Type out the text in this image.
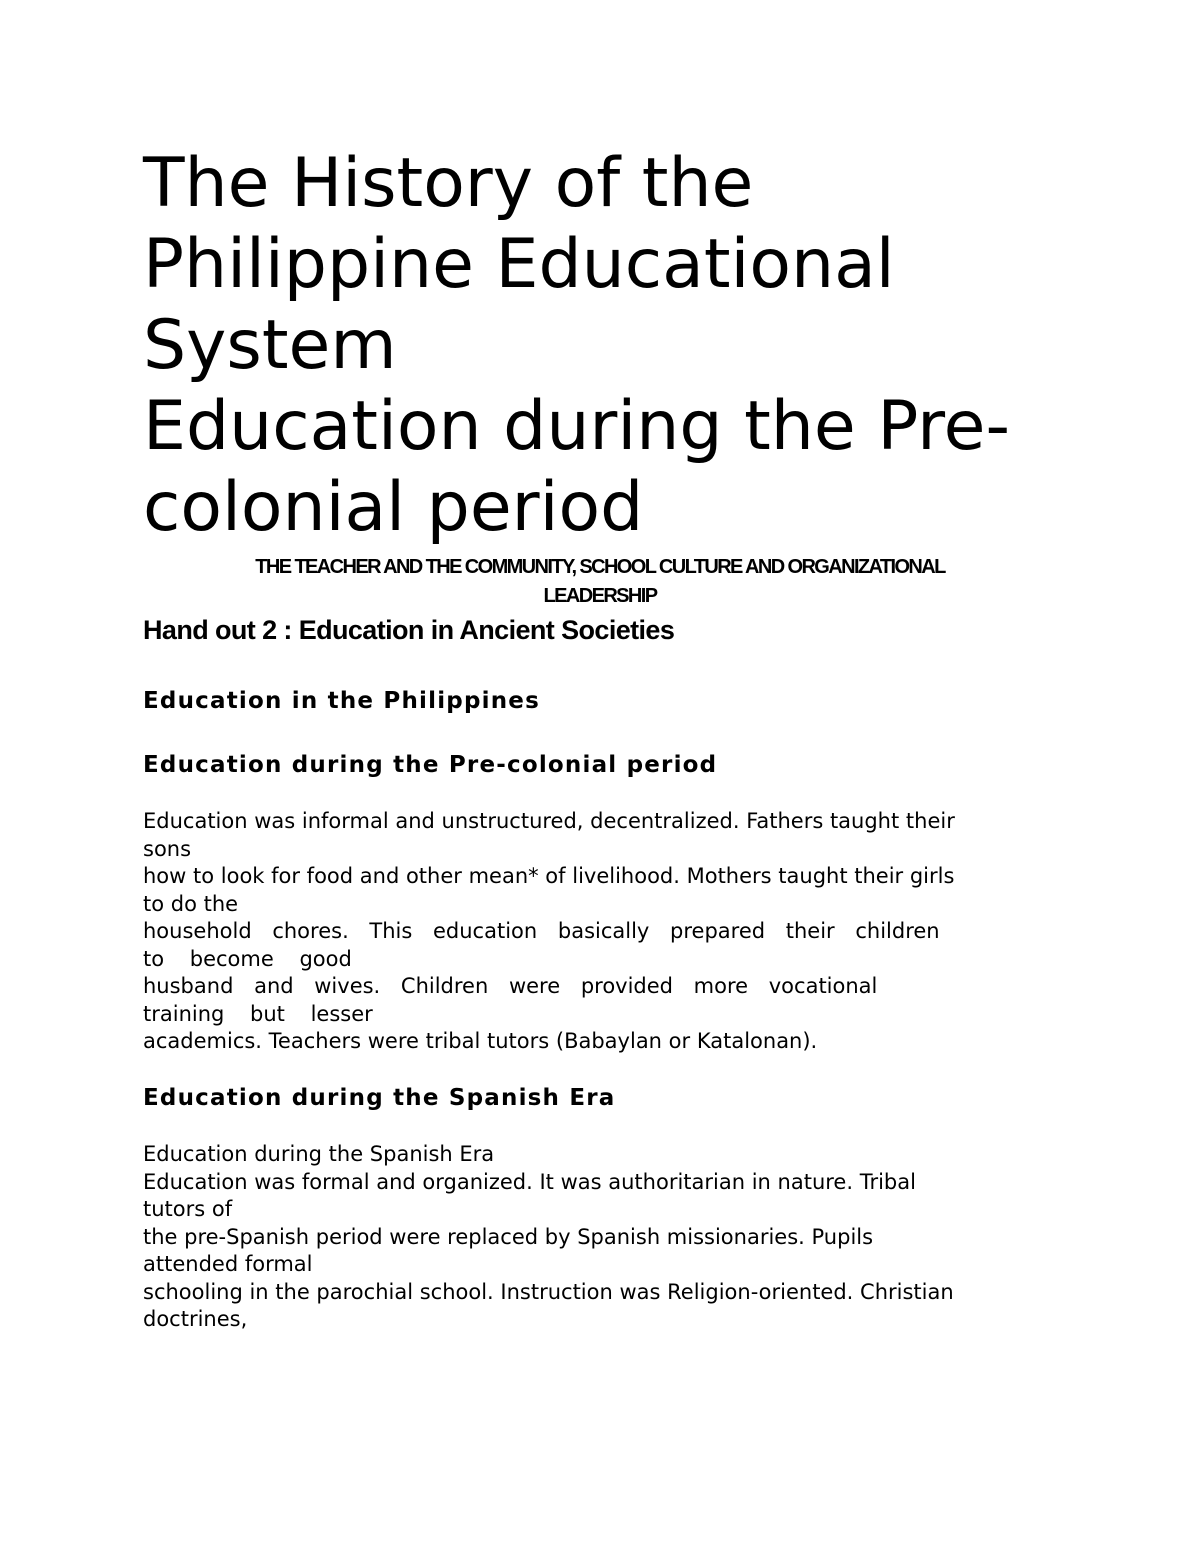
The History of the
Philippine Educational
System
Education during the Pre-
colonial period
THE TEACHER AND THE COMMUNITY, SCHOOL CULTURE AND ORGANIZATIONAL
LEADERSHIP
Hand out 2 : Education in Ancient Societies
Education in the Philippines
Education during the Pre-colonial period
Education was informal and unstructured, decentralized. Fathers taught their
sons
how to look for food and other mean* of livelihood. Mothers taught their girls
to do the
household chores. This education basically prepared their children
to become good
husband and wives. Children were provided more vocational
training but lesser
academics. Teachers were tribal tutors (Babaylan or Katalonan).
Education during the Spanish Era
Education during the Spanish Era
Education was formal and organized. It was authoritarian in nature. Tribal
tutors of
the pre-Spanish period were replaced by Spanish missionaries. Pupils
attended formal
schooling in the parochial school. Instruction was Religion-oriented. Christian
doctrines,
